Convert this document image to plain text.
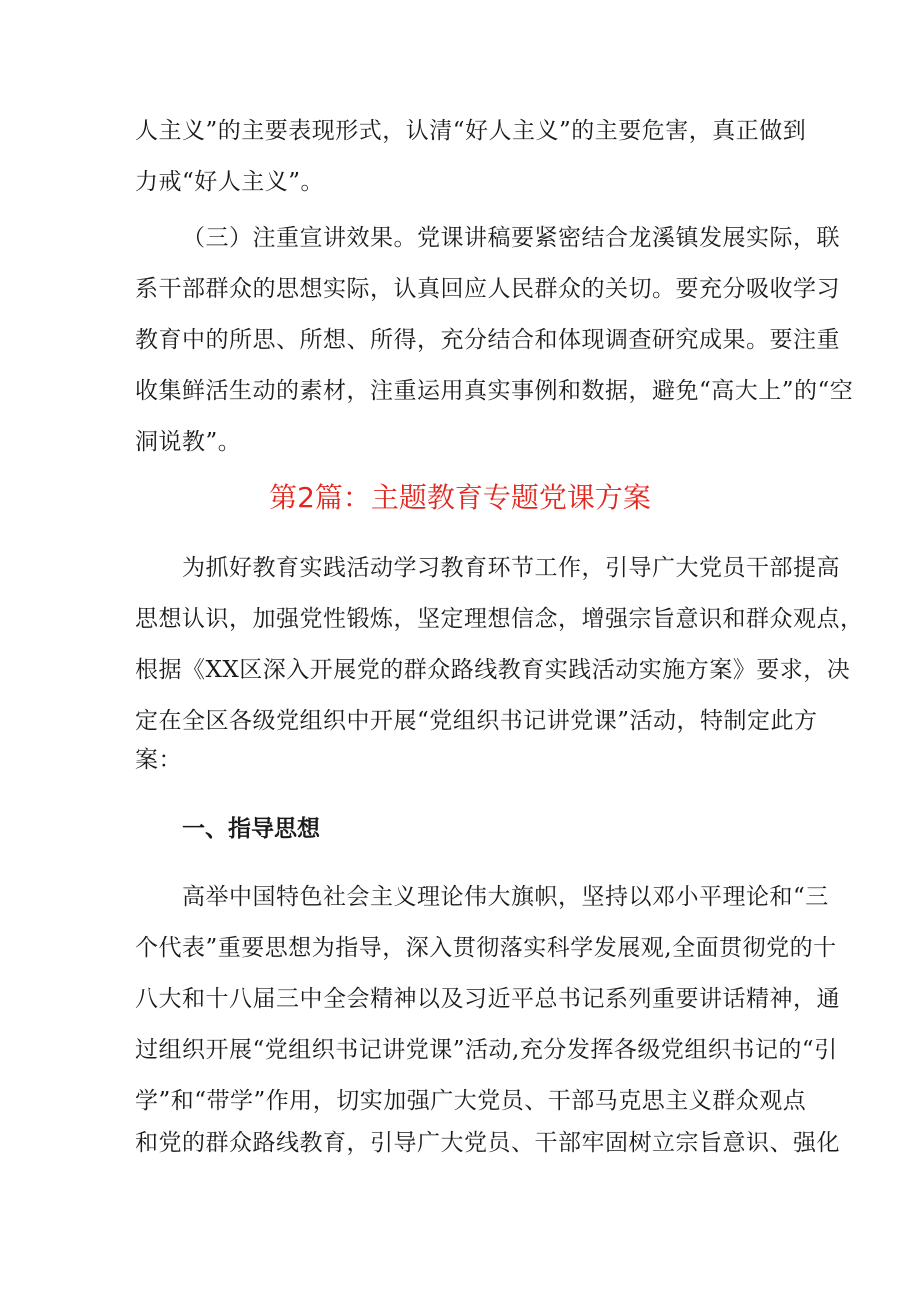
人主义”的主要表现形式，认清“好人主义”的主要危害，真正做到
力戒“好人主义”。
（三）注重宣讲效果。党课讲稿要紧密结合龙溪镇发展实际，联
系干部群众的思想实际，认真回应人民群众的关切。要充分吸收学习
教育中的所思、所想、所得，充分结合和体现调查研究成果。要注重
收集鲜活生动的素材，注重运用真实事例和数据，避免“高大上”的“空
洞说教”。
第2篇：主题教育专题党课方案
为抓好教育实践活动学习教育环节工作，引导广大党员干部提高
思想认识，加强党性锻炼，坚定理想信念，增强宗旨意识和群众观点，
根据《XX区深入开展党的群众路线教育实践活动实施方案》要求，决
定在全区各级党组织中开展“党组织书记讲党课”活动，特制定此方
案：
一、指导思想
高举中国特色社会主义理论伟大旗帜，坚持以邓小平理论和“三
个代表”重要思想为指导，深入贯彻落实科学发展观,全面贯彻党的十
八大和十八届三中全会精神以及习近平总书记系列重要讲话精神，通
过组织开展“党组织书记讲党课”活动,充分发挥各级党组织书记的“引
学”和“带学”作用，切实加强广大党员、干部马克思主义群众观点
和党的群众路线教育，引导广大党员、干部牢固树立宗旨意识、强化
